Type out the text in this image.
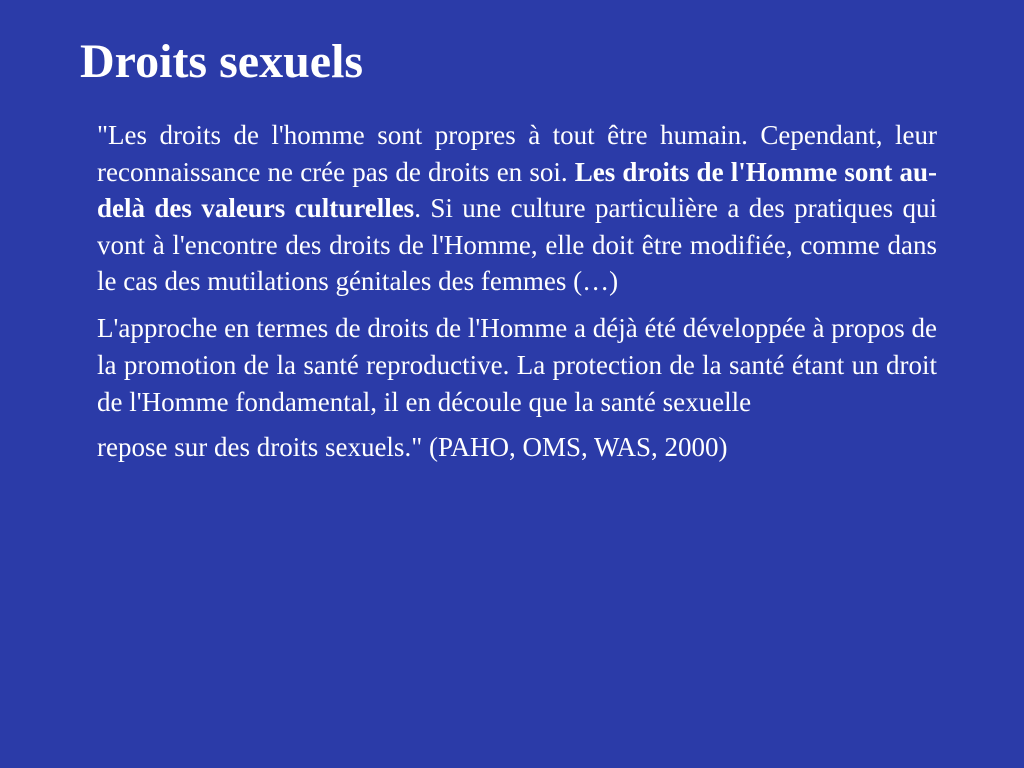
Droits sexuels

"Les droits de l'homme sont propres à tout être humain. Cependant, leur reconnaissance ne crée pas de droits en soi. Les droits de l'Homme sont au-delà des valeurs culturelles. Si une culture particulière a des pratiques qui vont à l'encontre des droits de l'Homme, elle doit être modifiée, comme dans le cas des mutilations génitales des femmes (…)

L'approche en termes de droits de l'Homme a déjà été développée à propos de la promotion de la santé reproductive. La protection de la santé étant un droit de l'Homme fondamental, il en découle que la santé sexuelle
repose sur des droits sexuels." (PAHO, OMS, WAS, 2000)
